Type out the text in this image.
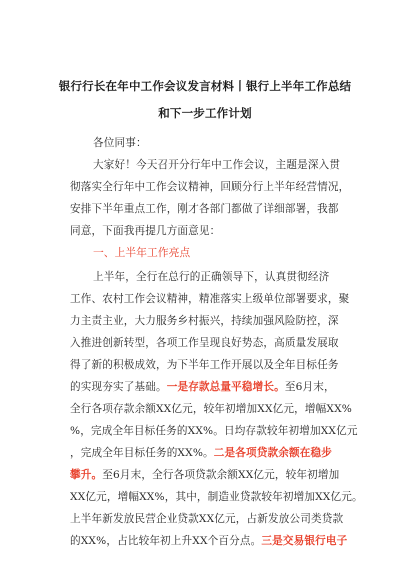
银行行长在年中工作会议发言材料丨银行上半年工作总结
和下一步工作计划
各位同事：
大家好！今天召开分行年中工作会议，主题是深入贯
彻落实全行年中工作会议精神，回顾分行上半年经营情况，
安排下半年重点工作，刚才各部门都做了详细部署，我都
同意，下面我再提几方面意见：
一、上半年工作亮点
上半年，全行在总行的正确领导下，认真贯彻经济
工作、农村工作会议精神，精准落实上级单位部署要求，聚
力主责主业，大力服务乡村振兴，持续加强风险防控，深
入推进创新转型，各项工作呈现良好势态，高质量发展取
得了新的积极成效，为下半年工作开展以及全年目标任务
的实现夯实了基础。一是存款总量平稳增长。至6月末，
全行各项存款余额XX亿元，较年初增加XX亿元，增幅XX%
%，完成全年目标任务的XX%。日均存款较年初增加XX亿元
，完成全年目标任务的XX%。二是各项贷款余额在稳步
攀升。至6月末，全行各项贷款余额XX亿元，较年初增加
XX亿元，增幅XX%，其中，制造业贷款较年初增加XX亿元。
上半年新发放民营企业贷款XX亿元，占新发放公司类贷款
的XX%，占比较年初上升XX个百分点。三是交易银行电子
